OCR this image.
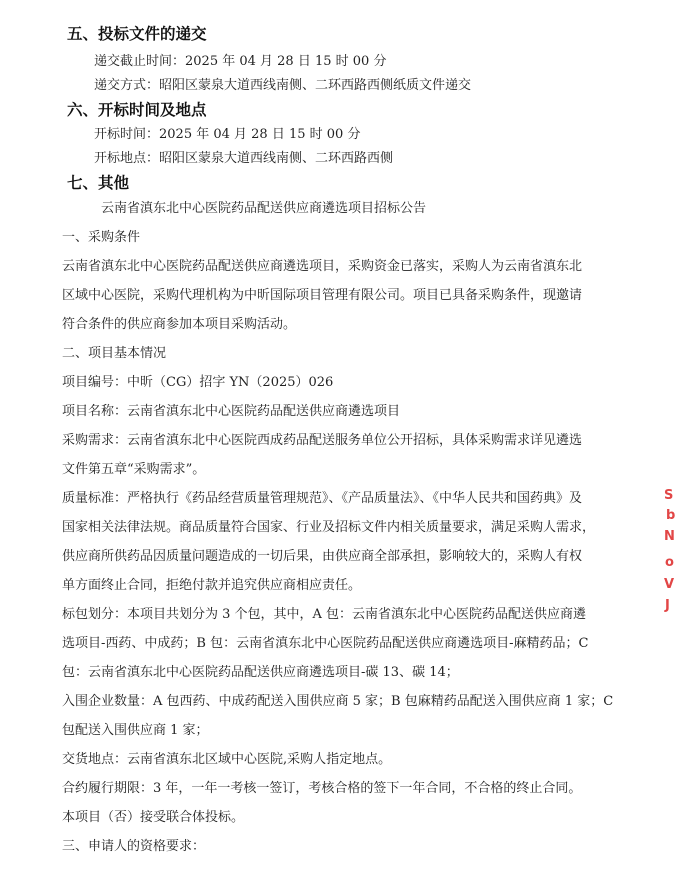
五、投标文件的递交
递交截止时间：2025 年 04 月 28 日 15 时 00 分
递交方式：昭阳区蒙泉大道西线南侧、二环西路西侧纸质文件递交
六、开标时间及地点
开标时间：2025 年 04 月 28 日 15 时 00 分
开标地点：昭阳区蒙泉大道西线南侧、二环西路西侧
七、其他
云南省滇东北中心医院药品配送供应商遴选项目招标公告
一、采购条件
云南省滇东北中心医院药品配送供应商遴选项目，采购资金已落实，采购人为云南省滇东北
区域中心医院，采购代理机构为中昕国际项目管理有限公司。项目已具备采购条件，现邀请
符合条件的供应商参加本项目采购活动。
二、项目基本情况
项目编号：中昕（CG）招字 YN（2025）026
项目名称：云南省滇东北中心医院药品配送供应商遴选项目
采购需求：云南省滇东北中心医院西成药品配送服务单位公开招标，具体采购需求详见遴选
文件第五章“采购需求”。
质量标准：严格执行《药品经营质量管理规范》、《产品质量法》、《中华人民共和国药典》及
国家相关法律法规。商品质量符合国家、行业及招标文件内相关质量要求，满足采购人需求，
供应商所供药品因质量问题造成的一切后果，由供应商全部承担，影响较大的，采购人有权
单方面终止合同，拒绝付款并追究供应商相应责任。
标包划分：本项目共划分为 3 个包，其中，A 包：云南省滇东北中心医院药品配送供应商遴
选项目-西药、中成药；B 包：云南省滇东北中心医院药品配送供应商遴选项目-麻精药品；C
包：云南省滇东北中心医院药品配送供应商遴选项目-碳 13、碳 14；
入围企业数量：A 包西药、中成药配送入围供应商 5 家；B 包麻精药品配送入围供应商 1 家；C
包配送入围供应商 1 家；
交货地点：云南省滇东北区域中心医院,采购人指定地点。
合约履行期限：3 年，一年一考核一签订，考核合格的签下一年合同，不合格的终止合同。
本项目（否）接受联合体投标。
三、申请人的资格要求：
S
b
N
o
V
J
